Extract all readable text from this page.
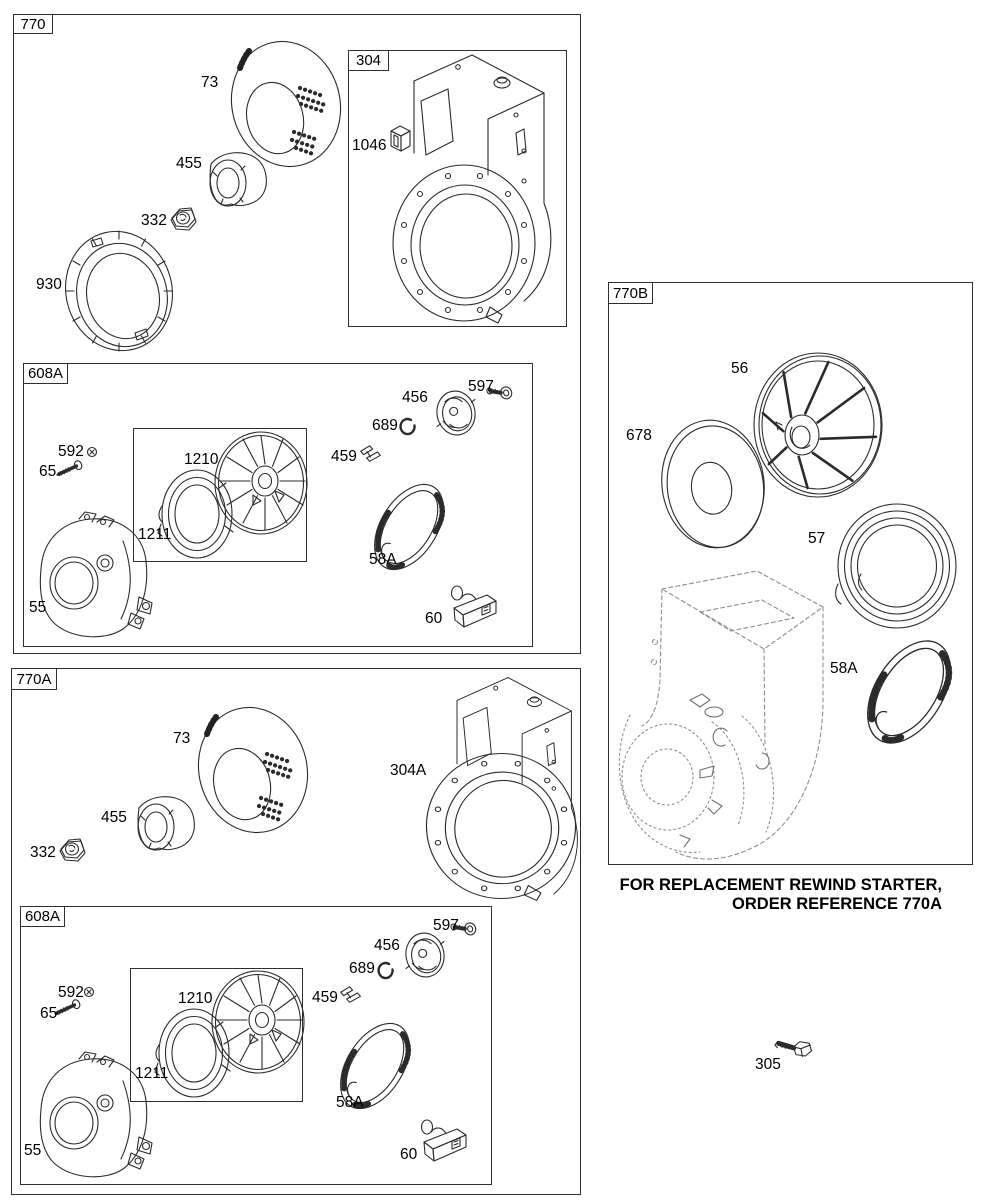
770
304
608A
770A
608A
770B
73
455
332
930
1046
592
65
1210
1211
55
597
456
689
459
58A
60
73
455
332
304A
592
65
1210
1211
55
597
456
689
459
58A
60
56
678
57
58A
FOR REPLACEMENT REWIND STARTER,
ORDER REFERENCE 770A
305
